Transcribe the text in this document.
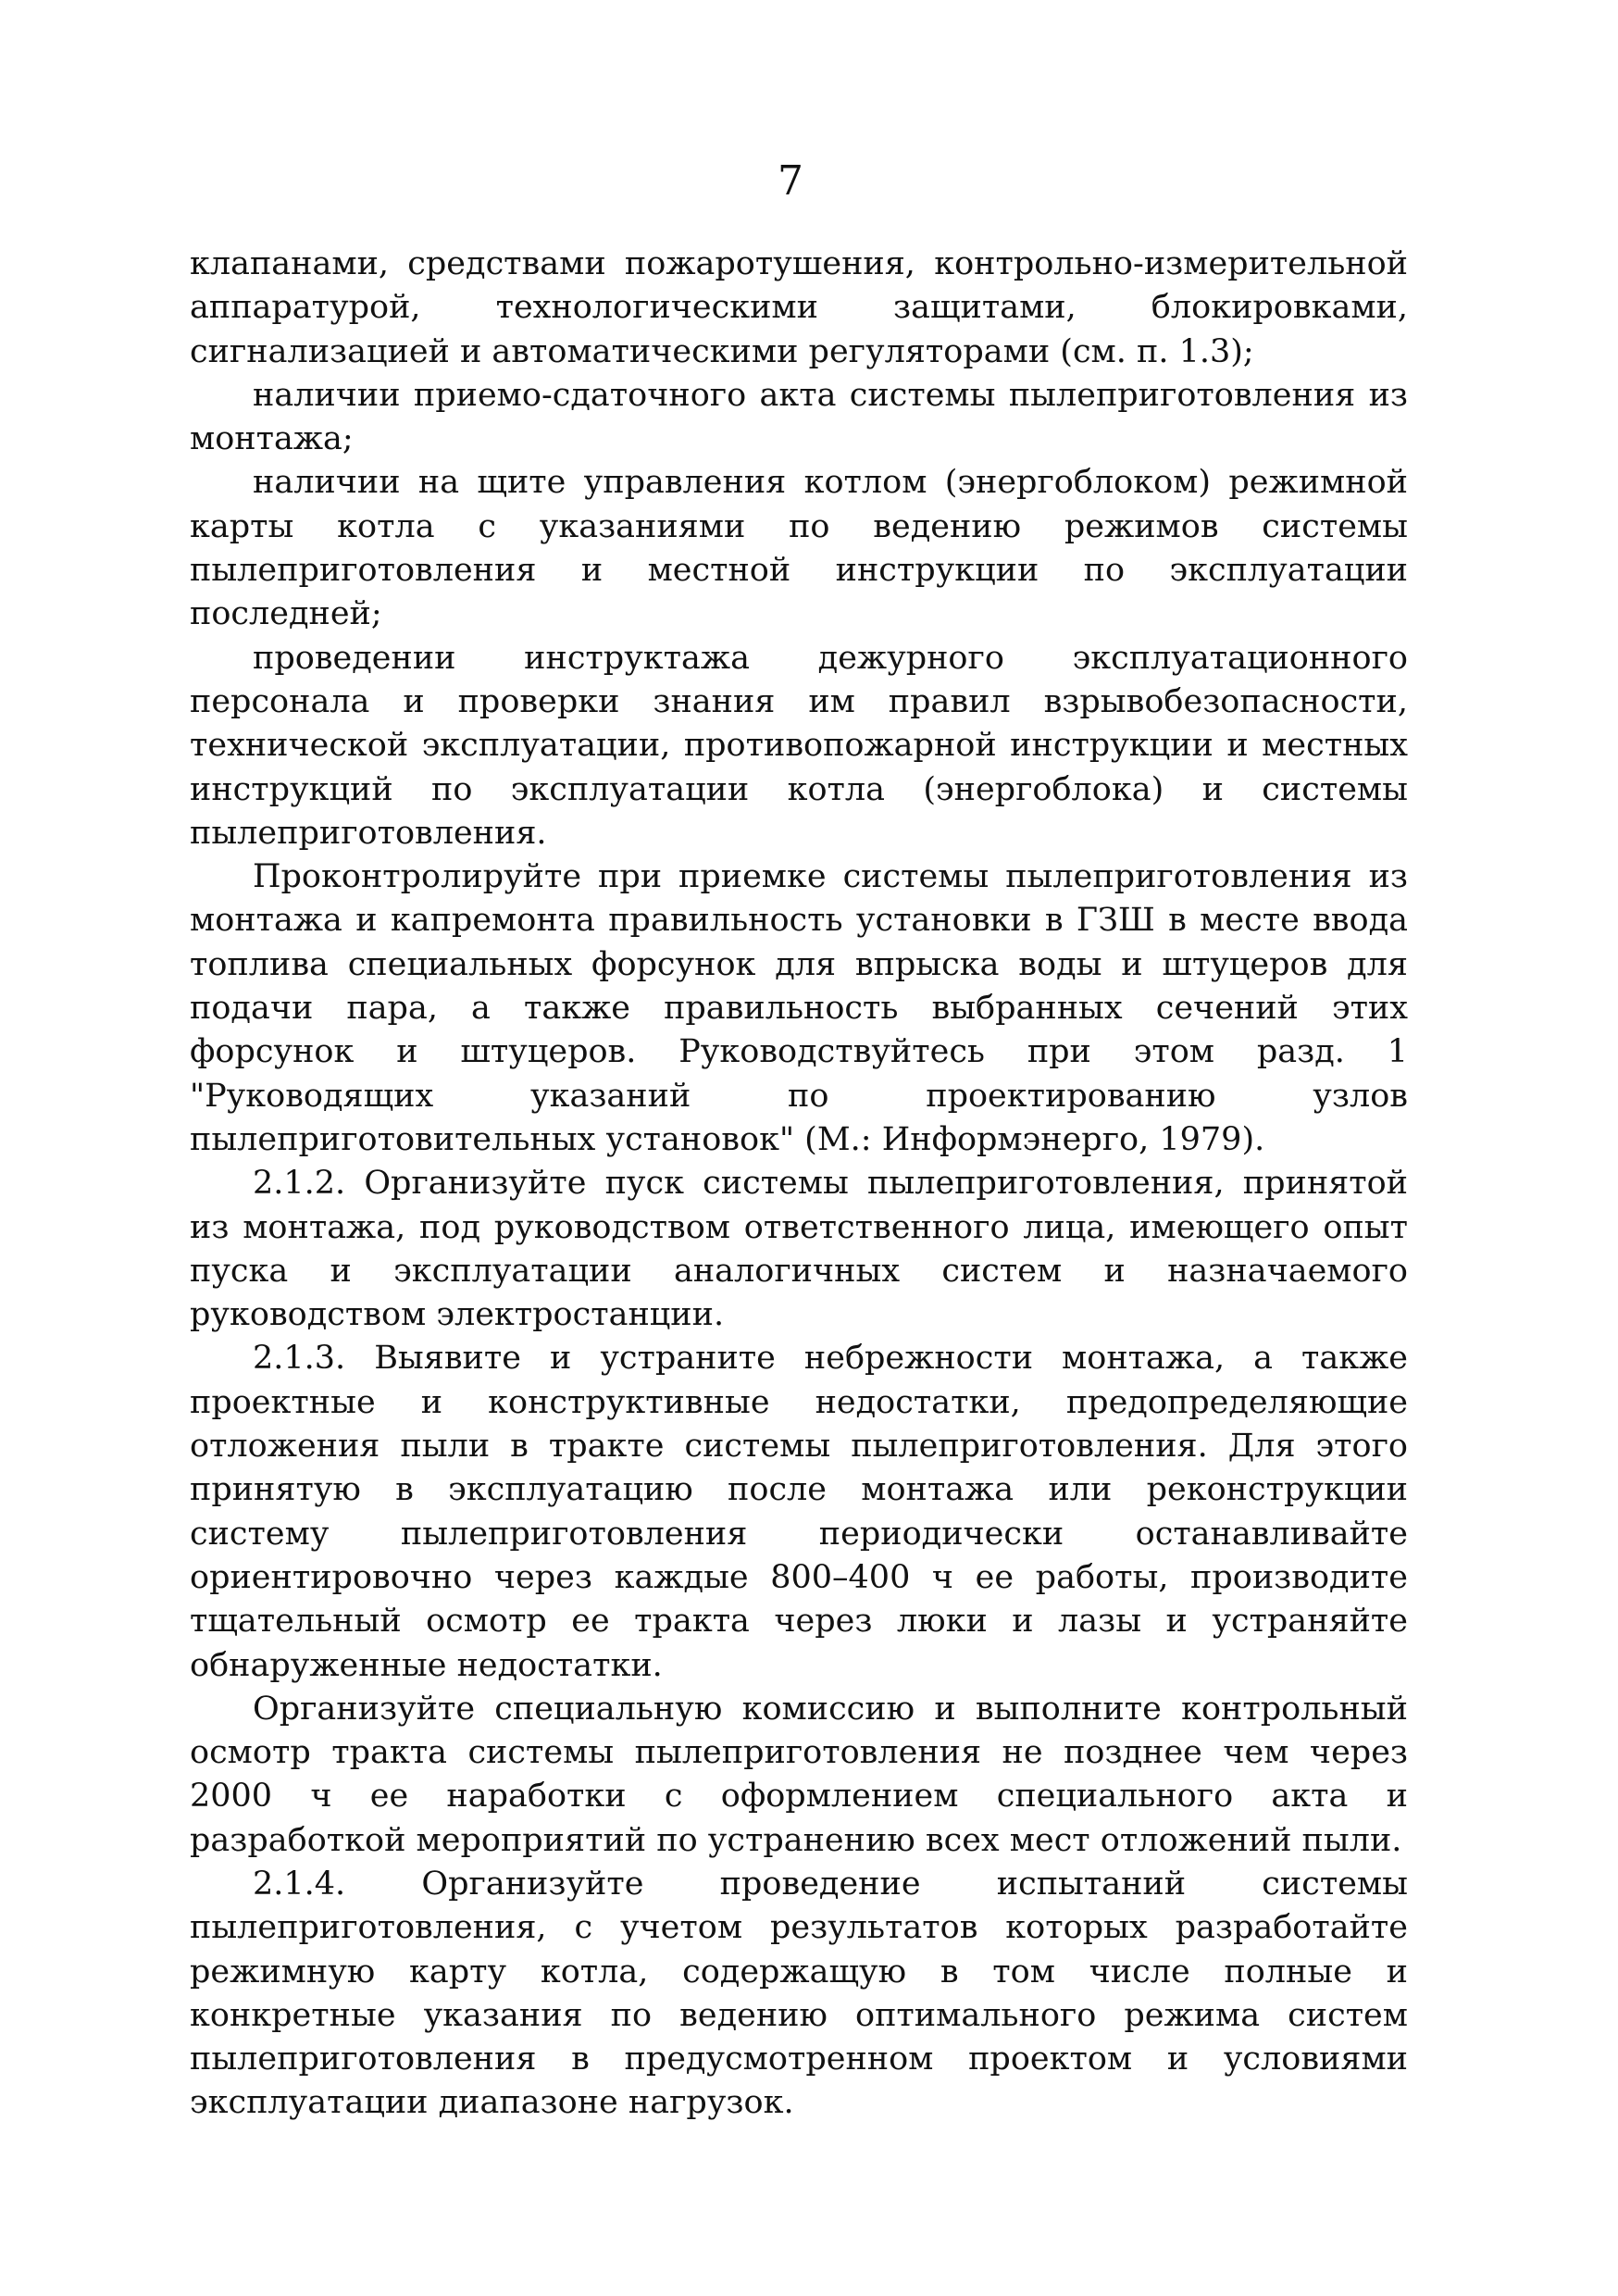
7

клапанами, средствами пожаротушения, контрольно-измерительной аппаратурой, технологическими защитами, блокировками, сигнализацией и автоматическими регуляторами (см. п. 1.3);

наличии приемо-сдаточного акта системы пылеприготовления из монтажа;

наличии на щите управления котлом (энергоблоком) режимной карты котла с указаниями по ведению режимов системы пылеприготовления и местной инструкции по эксплуатации последней;

проведении инструктажа дежурного эксплуатационного персонала и проверки знания им правил взрывобезопасности, технической эксплуатации, противопожарной инструкции и местных инструкций по эксплуатации котла (энергоблока) и системы пылеприготовления.

Проконтролируйте при приемке системы пылеприготовления из монтажа и капремонта правильность установки в ГЗШ в месте ввода топлива специальных форсунок для впрыска воды и штуцеров для подачи пара, а также правильность выбранных сечений этих форсунок и штуцеров. Руководствуйтесь при этом разд. 1 "Руководящих указаний по проектированию узлов пылеприготовительных установок" (М.: Информэнерго, 1979).

2.1.2. Организуйте пуск системы пылеприготовления, принятой из монтажа, под руководством ответственного лица, имеющего опыт пуска и эксплуатации аналогичных систем и назначаемого руководством электростанции.

2.1.3. Выявите и устраните небрежности монтажа, а также проектные и конструктивные недостатки, предопределяющие отложения пыли в тракте системы пылеприготовления. Для этого принятую в эксплуатацию после монтажа или реконструкции систему пылеприготовления периодически останавливайте ориентировочно через каждые 800–400 ч ее работы, производите тщательный осмотр ее тракта через люки и лазы и устраняйте обнаруженные недостатки.

Организуйте специальную комиссию и выполните контрольный осмотр тракта системы пылеприготовления не позднее чем через 2000 ч ее наработки с оформлением специального акта и разработкой мероприятий по устранению всех мест отложений пыли.

2.1.4. Организуйте проведение испытаний системы пылеприготовления, с учетом результатов которых разработайте режимную карту котла, содержащую в том числе полные и конкретные указания по ведению оптимального режима систем пылеприготовления в предусмотренном проектом и условиями эксплуатации диапазоне нагрузок.
